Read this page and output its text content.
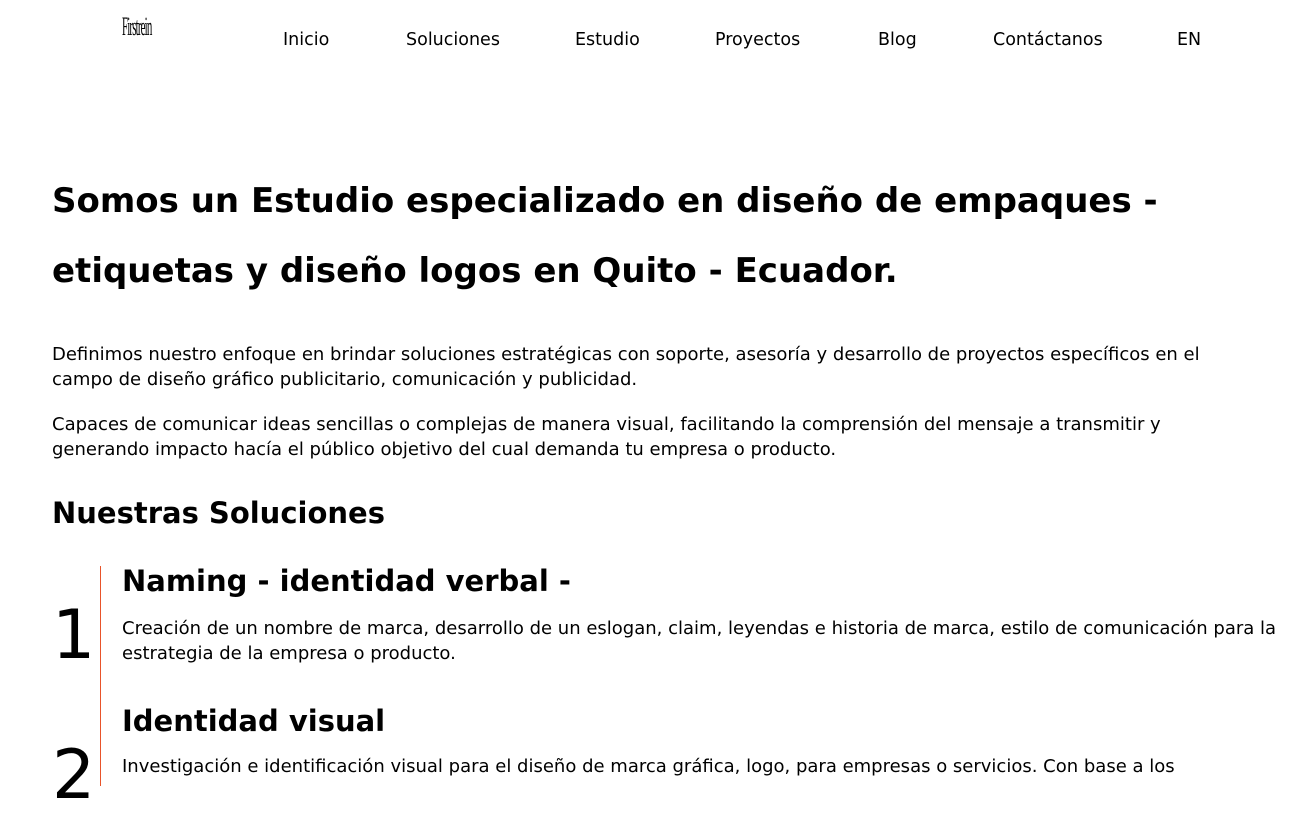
Firstrein	Inicio	Soluciones	Estudio	Proyectos	Blog	Contáctanos	EN
Somos un Estudio especializado en diseño de empaques - etiquetas y diseño logos en Quito - Ecuador.

Definimos nuestro enfoque en brindar soluciones estratégicas con soporte, asesoría y desarrollo de proyectos específicos en el campo de diseño gráfico publicitario, comunicación y publicidad.

Capaces de comunicar ideas sencillas o complejas de manera visual, facilitando la comprensión del mensaje a transmitir y generando impacto hacía el público objetivo del cual demanda tu empresa o producto.

Nuestras Soluciones
1
Naming - identidad verbal -

Creación de un nombre de marca, desarrollo de un eslogan, claim, leyendas e historia de marca, estilo de comunicación para la estrategia de la empresa o producto.

2
Identidad visual

Investigación e identificación visual para el diseño de marca gráfica, logo, para empresas o servicios. Con base a los
